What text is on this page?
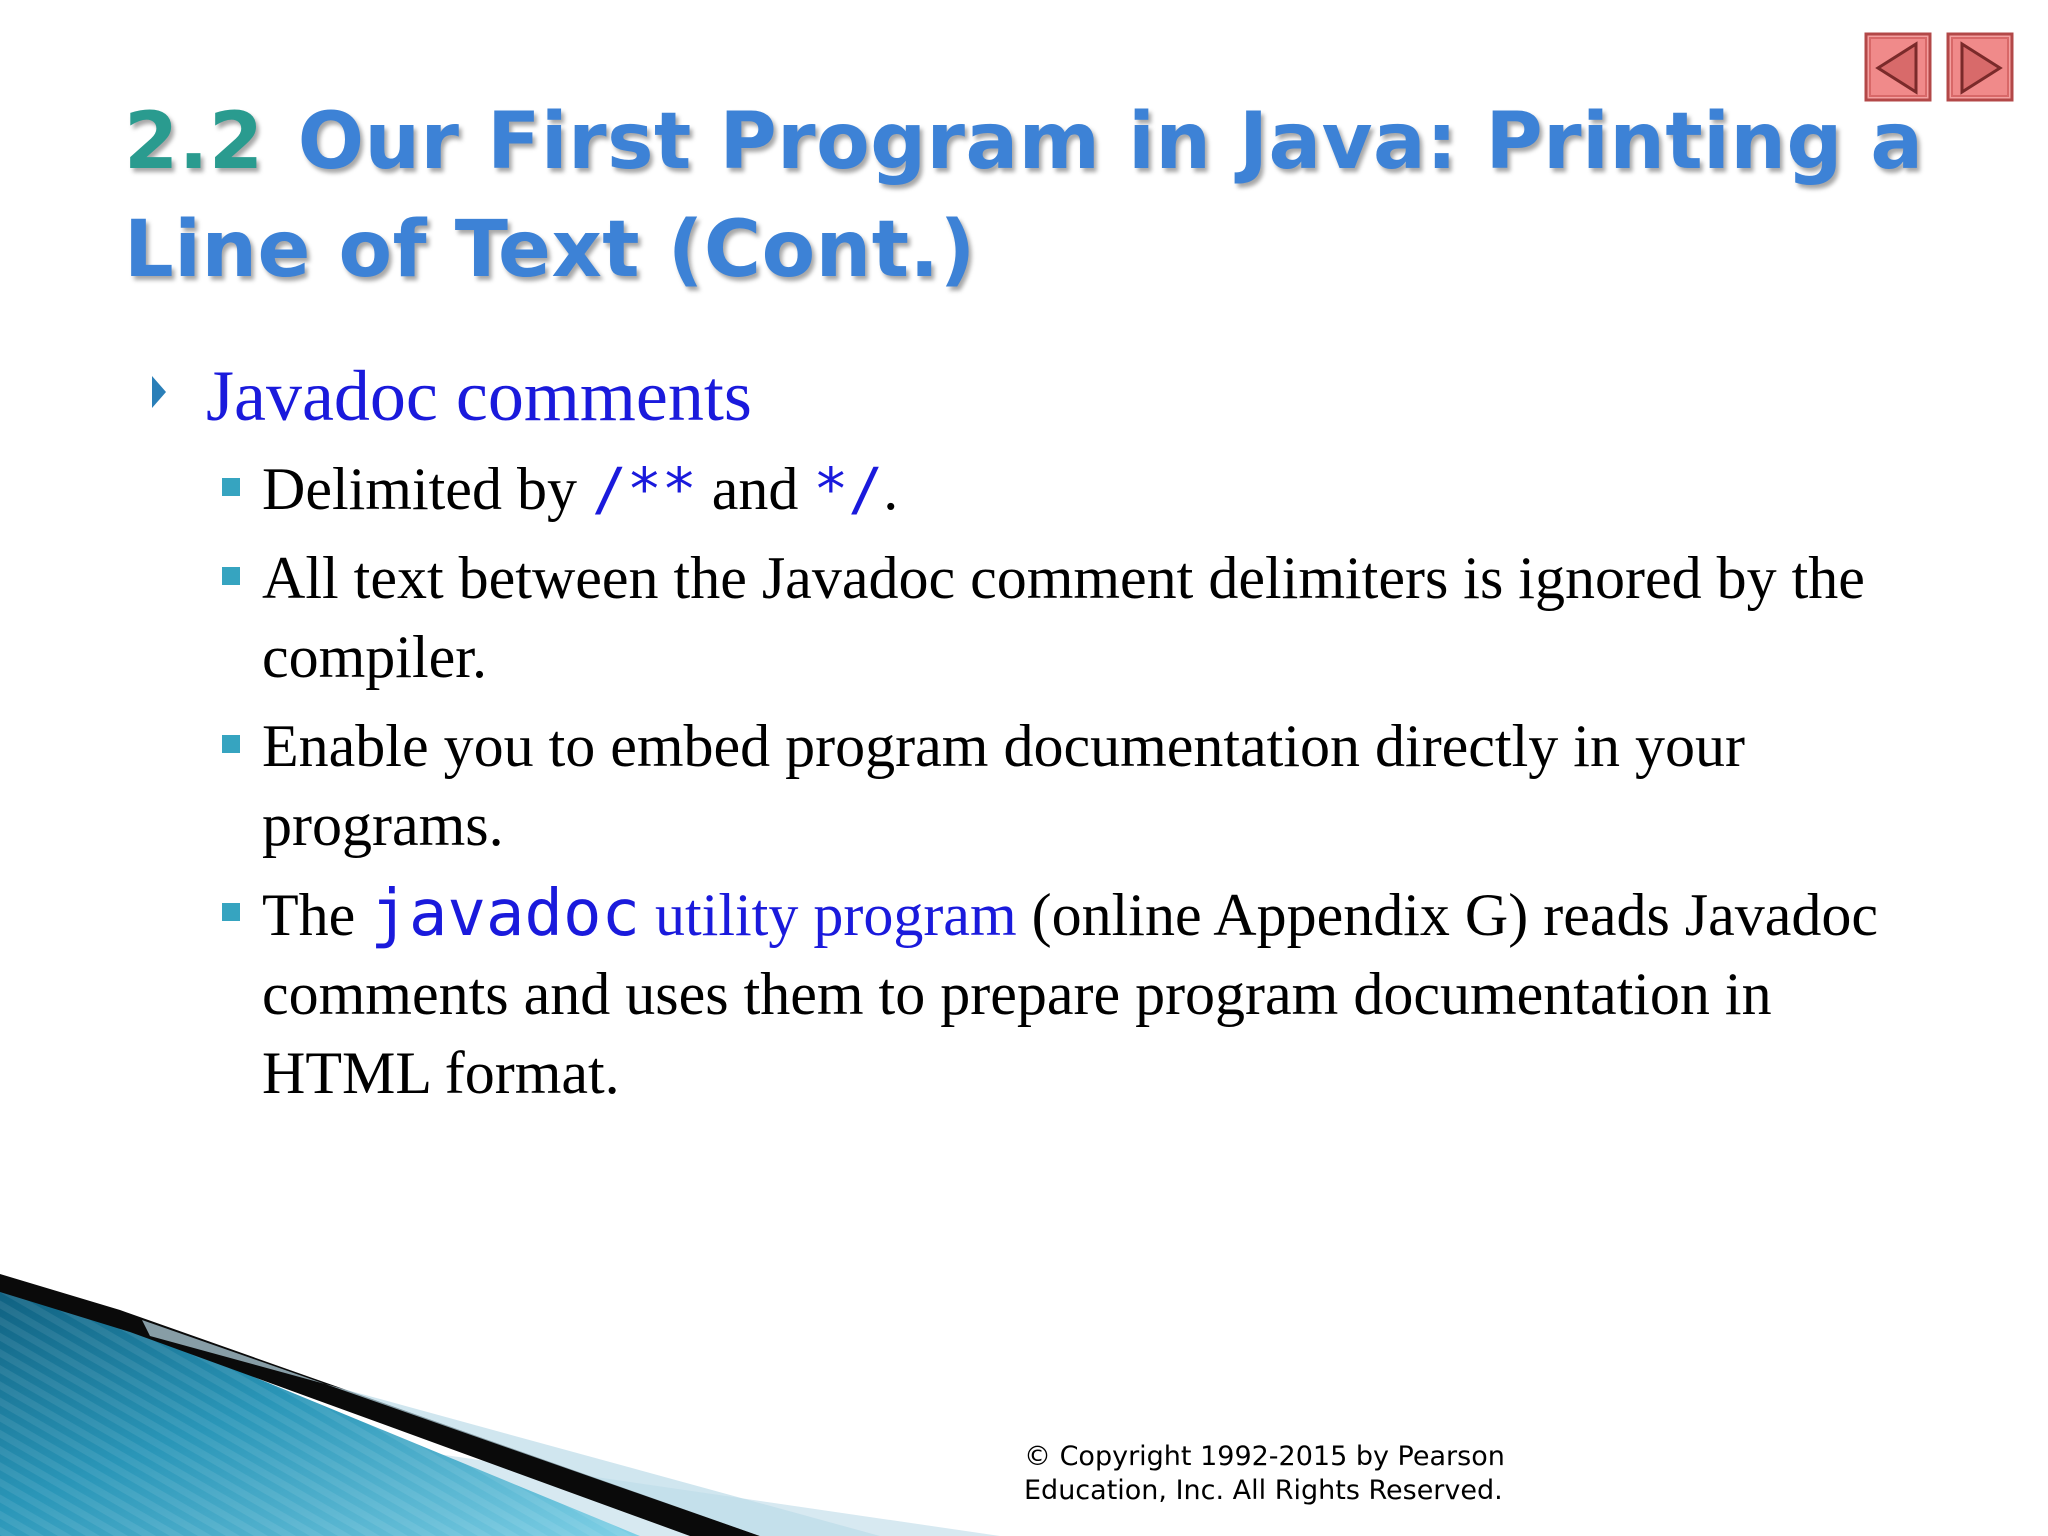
2.2 Our First Program in Java: Printing a
Line of Text (Cont.)

Javadoc comments

Delimited by /** and */.

All text between the Javadoc comment delimiters is ignored by the compiler.

Enable you to embed program documentation directly in your programs.

The javadoc utility program (online Appendix G) reads Javadoc comments and uses them to prepare program documentation in HTML format.

© Copyright 1992-2015 by Pearson
Education, Inc. All Rights Reserved.
